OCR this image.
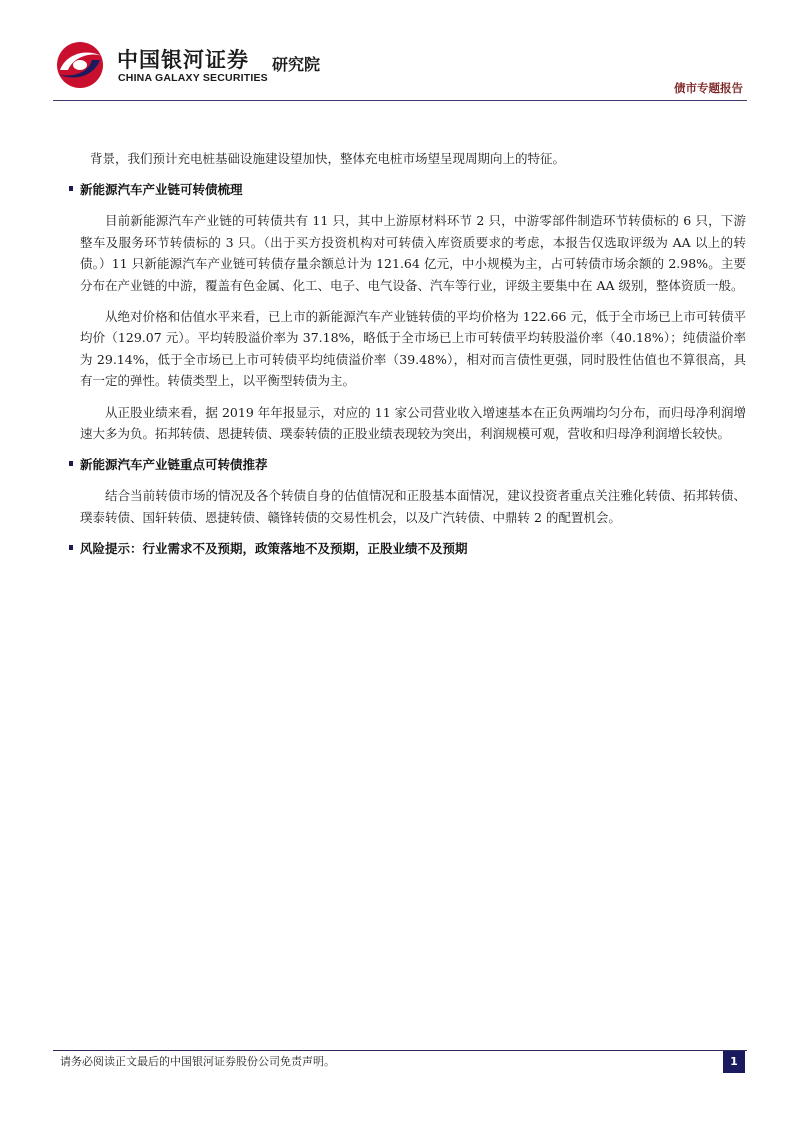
中国银河证券
CHINA GALAXY SECURITIES
研究院
债市专题报告

背景，我们预计充电桩基础设施建设望加快，整体充电桩市场望呈现周期向上的特征。

新能源汽车产业链可转债梳理

目前新能源汽车产业链的可转债共有 11 只，其中上游原材料环节 2 只，中游零部件制造环节转债标的 6 只，下游整车及服务环节转债标的 3 只。（出于买方投资机构对可转债入库资质要求的考虑，本报告仅选取评级为 AA 以上的转债。）11 只新能源汽车产业链可转债存量余额总计为 121.64 亿元，中小规模为主，占可转债市场余额的 2.98%。主要分布在产业链的中游，覆盖有色金属、化工、电子、电气设备、汽车等行业，评级主要集中在 AA 级别，整体资质一般。

从绝对价格和估值水平来看，已上市的新能源汽车产业链转债的平均价格为 122.66 元，低于全市场已上市可转债平均价（129.07 元）。平均转股溢价率为 37.18%，略低于全市场已上市可转债平均转股溢价率（40.18%）；纯债溢价率为 29.14%，低于全市场已上市可转债平均纯债溢价率（39.48%），相对而言债性更强，同时股性估值也不算很高，具有一定的弹性。转债类型上，以平衡型转债为主。

从正股业绩来看，据 2019 年年报显示，对应的 11 家公司营业收入增速基本在正负两端均匀分布，而归母净利润增速大多为负。拓邦转债、恩捷转债、璞泰转债的正股业绩表现较为突出，利润规模可观，营收和归母净利润增长较快。

新能源汽车产业链重点可转债推荐

结合当前转债市场的情况及各个转债自身的估值情况和正股基本面情况，建议投资者重点关注雅化转债、拓邦转债、璞泰转债、国轩转债、恩捷转债、赣锋转债的交易性机会，以及广汽转债、中鼎转 2 的配置机会。

风险提示：行业需求不及预期，政策落地不及预期，正股业绩不及预期
请务必阅读正文最后的中国银河证券股份公司免责声明。	1
